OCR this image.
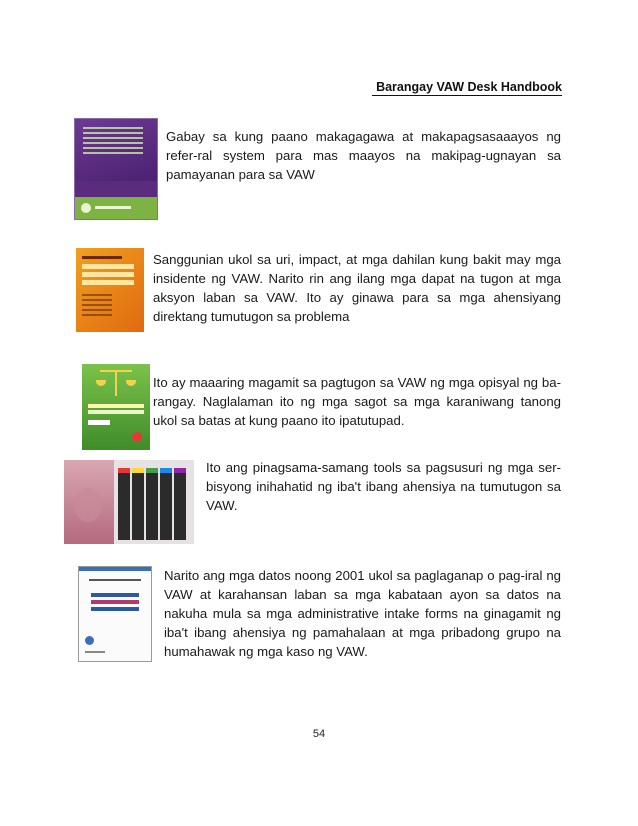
Barangay VAW Desk Handbook
Gabay sa kung paano makagagawa at makapagsasaaayos ng refer-ral system para mas maayos na makipag-ugnayan sa pamayanan para sa VAW
Sanggunian ukol sa uri, impact, at mga dahilan kung bakit may mga insidente ng VAW. Narito rin ang ilang mga dapat na tugon at mga aksyon laban sa VAW. Ito ay ginawa para sa mga ahensiyang direktang tumutugon sa problema
Ito ay maaaring magamit sa pagtugon sa VAW ng mga opisyal ng ba-rangay. Naglalaman ito ng mga sagot sa mga karaniwang tanong ukol sa batas at kung paano ito ipatutupad.
Ito ang pinagsama-samang tools sa pagsusuri ng mga ser-bisyong inihahatid ng iba't ibang ahensiya na tumutugon sa VAW.
Narito ang mga datos noong 2001 ukol sa paglaganap o pag-iral ng VAW at karahansan laban sa mga kabataan ayon sa datos na nakuha mula sa mga administrative intake forms na ginagamit ng iba't ibang ahensiya ng pamahalaan at mga pribadong grupo na humahawak ng mga kaso ng VAW.
54
